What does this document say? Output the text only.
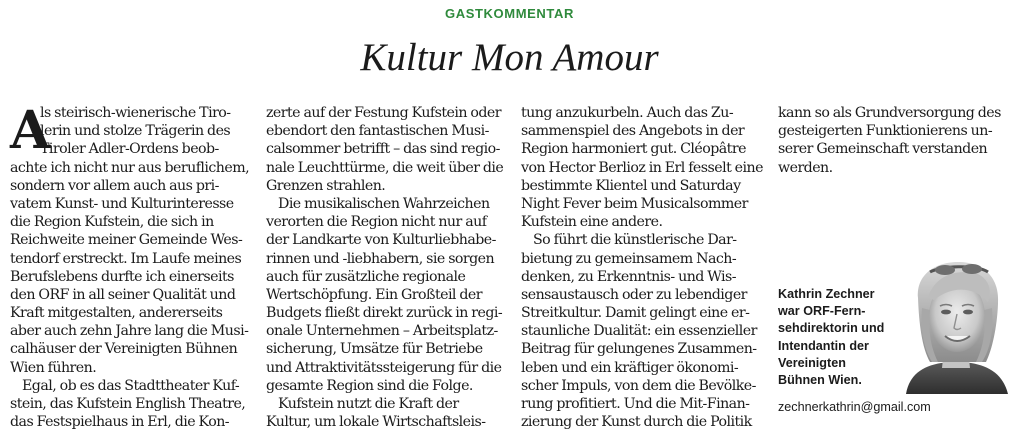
GASTKOMMENTAR
Kultur Mon Amour
A
ls steirisch-wienerische Tiro-
lerin und stolze Trägerin des
Tiroler Adler-Ordens beob-
achte ich nicht nur aus beruflichem,
sondern vor allem auch aus pri-
vatem Kunst- und Kulturinteresse
die Region Kufstein, die sich in
Reichweite meiner Gemeinde Wes-
tendorf erstreckt. Im Laufe meines
Berufslebens durfte ich einerseits
den ORF in all seiner Qualität und
Kraft mitgestalten, andererseits
aber auch zehn Jahre lang die Musi-
calhäuser der Vereinigten Bühnen
Wien führen.
Egal, ob es das Stadttheater Kuf-
stein, das Kufstein English Theatre,
das Festspielhaus in Erl, die Kon-
zerte auf der Festung Kufstein oder
ebendort den fantastischen Musi-
calsommer betrifft – das sind regio-
nale Leuchttürme, die weit über die
Grenzen strahlen.
Die musikalischen Wahrzeichen
verorten die Region nicht nur auf
der Landkarte von Kulturliebhabe-
rinnen und -liebhabern, sie sorgen
auch für zusätzliche regionale
Wertschöpfung. Ein Großteil der
Budgets fließt direkt zurück in regi-
onale Unternehmen – Arbeitsplatz-
sicherung, Umsätze für Betriebe
und Attraktivitätssteigerung für die
gesamte Region sind die Folge.
Kufstein nutzt die Kraft der
Kultur, um lokale Wirtschaftsleis-
tung anzukurbeln. Auch das Zu-
sammenspiel des Angebots in der
Region harmoniert gut. Cléopâtre
von Hector Berlioz in Erl fesselt eine
bestimmte Klientel und Saturday
Night Fever beim Musicalsommer
Kufstein eine andere.
So führt die künstlerische Dar-
bietung zu gemeinsamem Nach-
denken, zu Erkenntnis- und Wis-
sensaustausch oder zu lebendiger
Streitkultur. Damit gelingt eine er-
staunliche Dualität: ein essenzieller
Beitrag für gelungenes Zusammen-
leben und ein kräftiger ökonomi-
scher Impuls, von dem die Bevölke-
rung profitiert. Und die Mit-Finan-
zierung der Kunst durch die Politik
kann so als Grundversorgung des
gesteigerten Funktionierens un-
serer Gemeinschaft verstanden
werden.
Kathrin Zechner
war ORF-Fern-
sehdirektorin und
Intendantin der
Vereinigten
Bühnen Wien.
zechnerkathrin@gmail.com
